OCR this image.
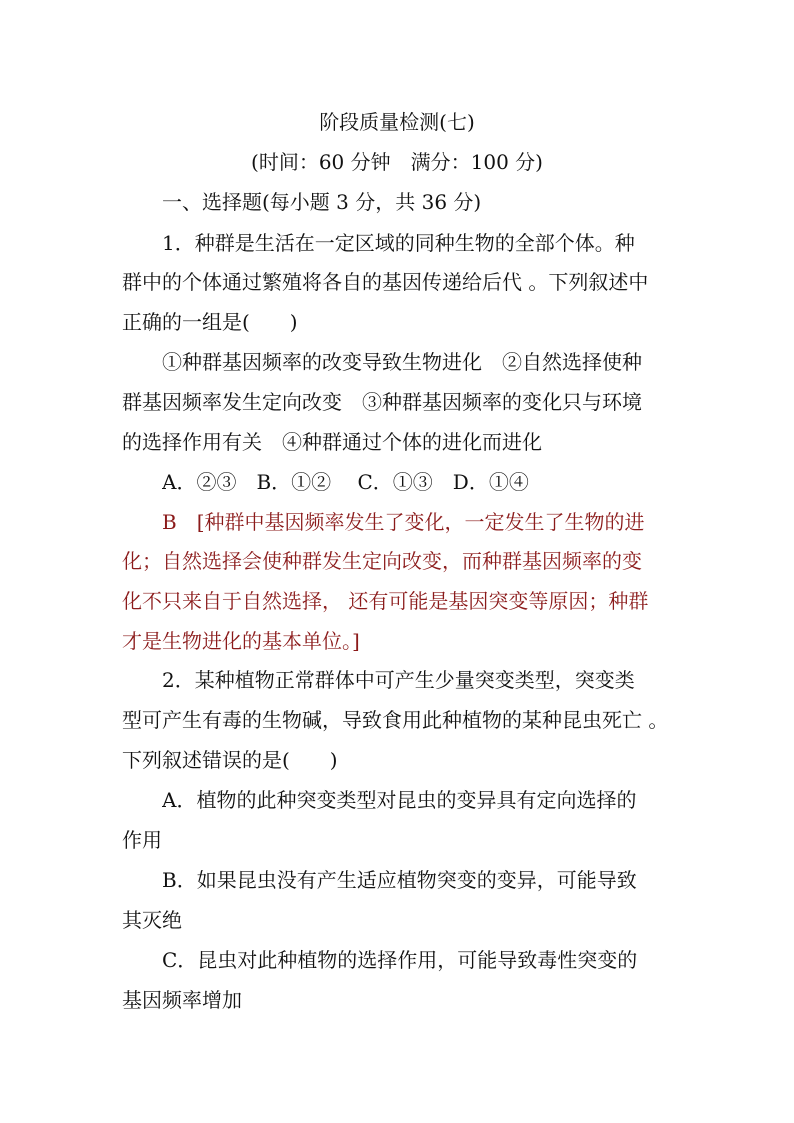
阶段质量检测(七)
(时间：60 分钟　满分：100 分)
一、选择题(每小题 3 分，共 36 分)
1．种群是生活在一定区域的同种生物的全部个体。种
群中的个体通过繁殖将各自的基因传递给后代 。下列叙述中
正确的一组是(　　)
①种群基因频率的改变导致生物进化　②自然选择使种
群基因频率发生定向改变　③种群基因频率的变化只与环境
的选择作用有关　④种群通过个体的进化而进化
A．②③　B．①②　 C．①③　D．①④
B　[种群中基因频率发生了变化，一定发生了生物的进
化；自然选择会使种群发生定向改变，而种群基因频率的变
化不只来自于自然选择， 还有可能是基因突变等原因；种群
才是生物进化的基本单位。]
2．某种植物正常群体中可产生少量突变类型，突变类
型可产生有毒的生物碱，导致食用此种植物的某种昆虫死亡 。
下列叙述错误的是(　　)
A．植物的此种突变类型对昆虫的变异具有定向选择的
作用
B．如果昆虫没有产生适应植物突变的变异，可能导致
其灭绝
C．昆虫对此种植物的选择作用，可能导致毒性突变的
基因频率增加
